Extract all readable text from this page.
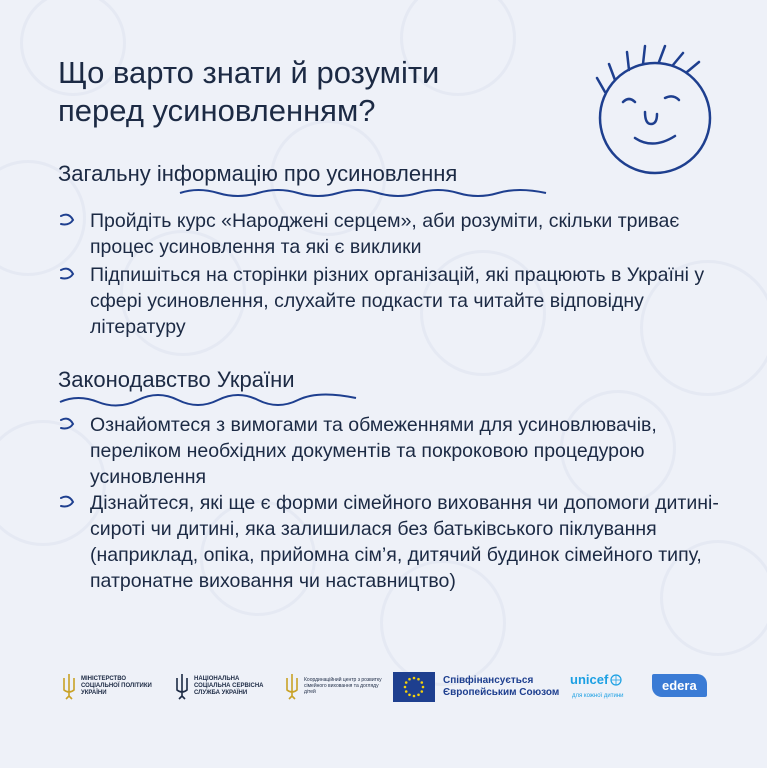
Що варто знати й розуміти
перед усиновленням?
Загальну інформацію про усиновлення
Пройдіть курс «Народжені серцем», аби розуміти, скільки триває процес усиновлення та які є виклики
Підпишіться на сторінки різних організацій, які працюють в Україні у сфері усиновлення, слухайте подкасти та читайте відповідну літературу
Законодавство України
Ознайомтеся з вимогами та обмеженнями для усиновлювачів, переліком необхідних документів та покроковою процедурою усиновлення
Дізнайтеся, які ще є форми сімейного виховання чи допомоги дитині-сироті чи дитині, яка залишилася без батьківського піклування (наприклад, опіка, прийомна сім’я, дитячий будинок сімейного типу, патронатне виховання чи наставництво)
МІНІСТЕРСТВО СОЦІАЛЬНОЇ ПОЛІТИКИ УКРАЇНИ
НАЦІОНАЛЬНА СОЦІАЛЬНА СЕРВІСНА СЛУЖБА УКРАЇНИ
Координаційний центр з розвитку сімейного виховання та догляду дітей
Співфінансується Європейським Союзом
unicef
для кожної дитини
edera
